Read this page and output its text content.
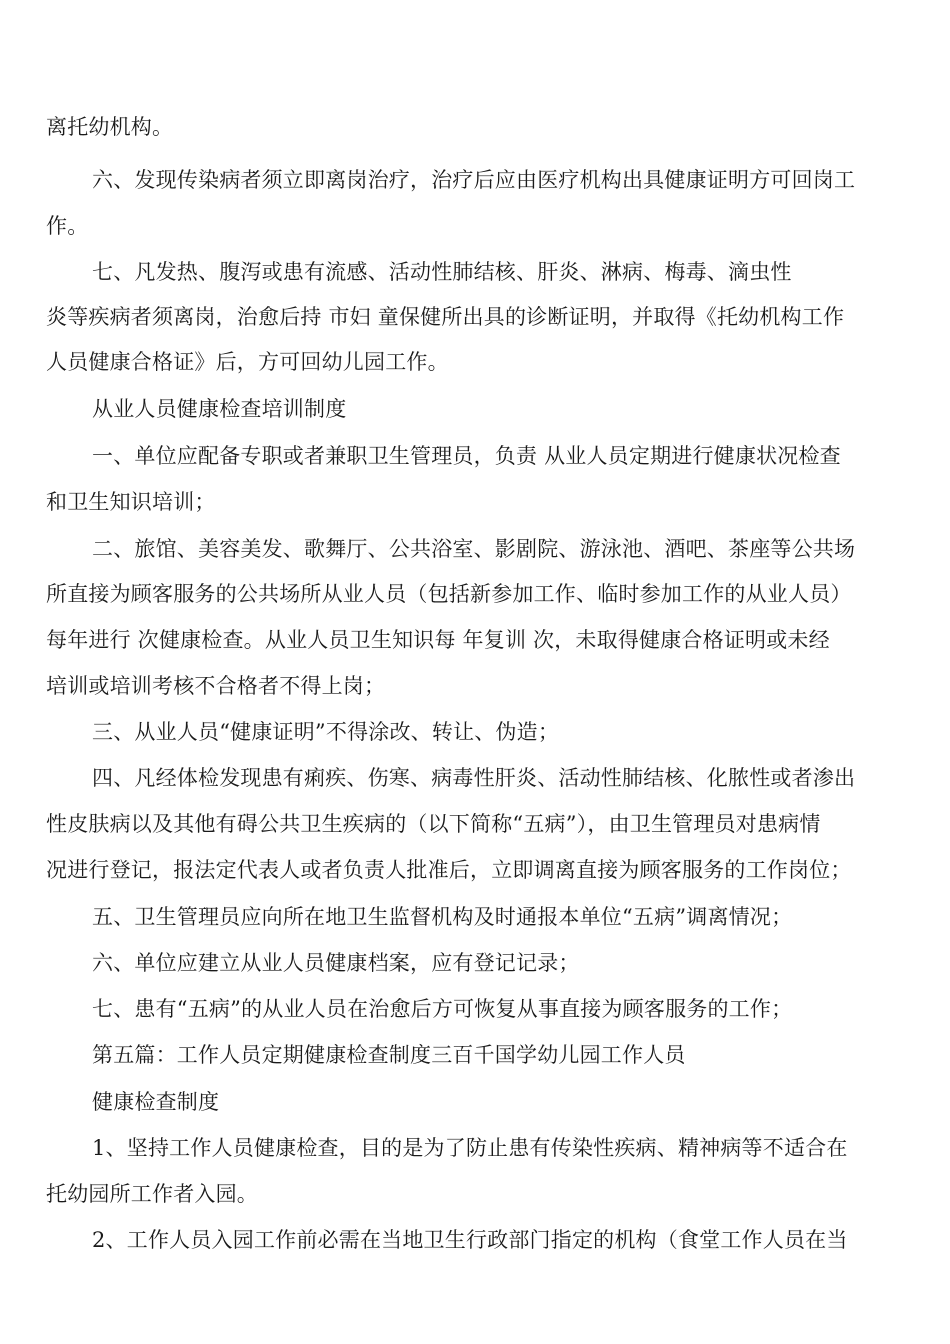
离托幼机构。
六、发现传染病者须立即离岗治疗，治疗后应由医疗机构出具健康证明方可回岗工
作。
七、凡发热、腹泻或患有流感、活动性肺结核、肝炎、淋病、梅毒、滴虫性
炎等疾病者须离岗，治愈后持 市妇 童保健所出具的诊断证明，并取得《托幼机构工作
人员健康合格证》后，方可回幼儿园工作。
从业人员健康检查培训制度
一、单位应配备专职或者兼职卫生管理员，负责 从业人员定期进行健康状况检查
和卫生知识培训；
二、旅馆、美容美发、歌舞厅、公共浴室、影剧院、游泳池、酒吧、茶座等公共场
所直接为顾客服务的公共场所从业人员（包括新参加工作、临时参加工作的从业人员）
每年进行 次健康检查。从业人员卫生知识每 年复训 次，未取得健康合格证明或未经
培训或培训考核不合格者不得上岗；
三、从业人员“健康证明”不得涂改、转让、伪造；
四、凡经体检发现患有痢疾、伤寒、病毒性肝炎、活动性肺结核、化脓性或者渗出
性皮肤病以及其他有碍公共卫生疾病的（以下简称“五病”），由卫生管理员对患病情
况进行登记，报法定代表人或者负责人批准后，立即调离直接为顾客服务的工作岗位；
五、卫生管理员应向所在地卫生监督机构及时通报本单位“五病”调离情况；
六、单位应建立从业人员健康档案，应有登记记录；
七、患有“五病”的从业人员在治愈后方可恢复从事直接为顾客服务的工作；
第五篇：工作人员定期健康检查制度三百千国学幼儿园工作人员
健康检查制度
1、坚持工作人员健康检查，目的是为了防止患有传染性疾病、精神病等不适合在
托幼园所工作者入园。
2、工作人员入园工作前必需在当地卫生行政部门指定的机构（食堂工作人员在当
